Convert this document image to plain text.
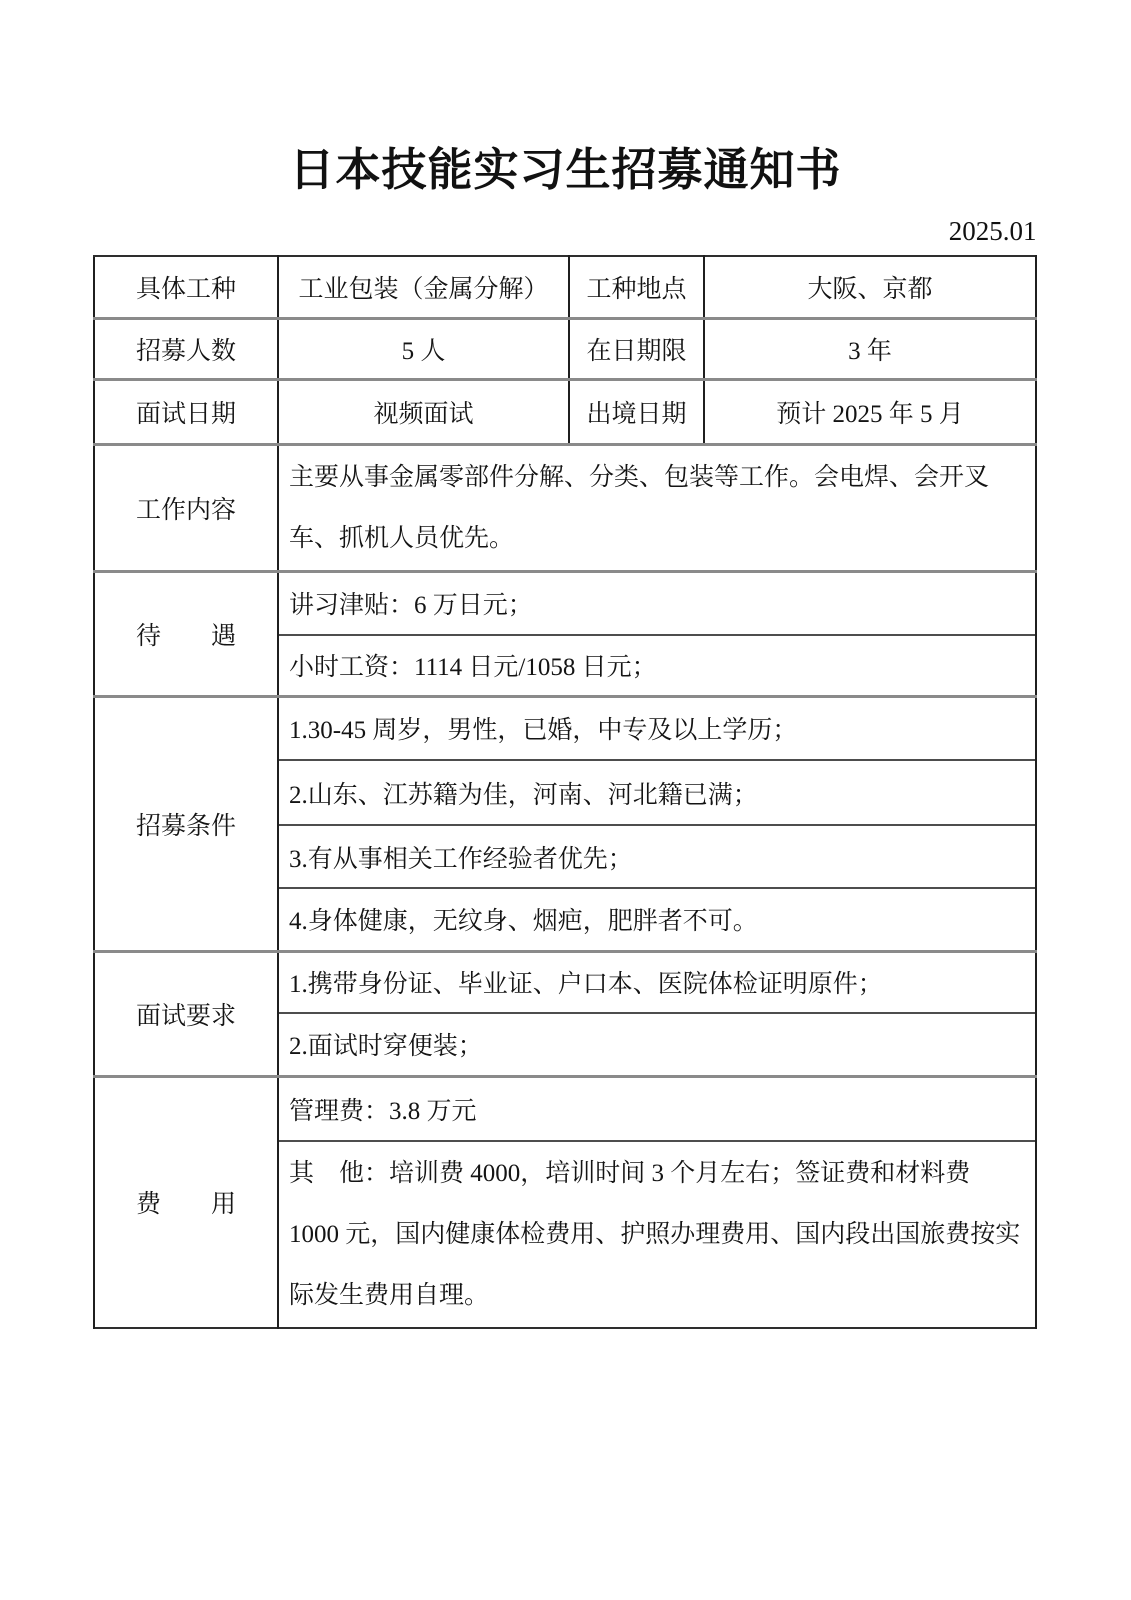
日本技能实习生招募通知书
2025.01
具体工种	工业包装（金属分解）	工种地点	大阪、京都
招募人数	5 人	在日期限	3 年
面试日期	视频面试	出境日期	预计 2025 年 5 月
工作内容	主要从事金属零部件分解、分类、包装等工作。会电焊、会开叉车、抓机人员优先。		
待　　遇	讲习津贴：6 万日元；		
	小时工资：1114 日元/1058 日元；		
招募条件	1.30-45 周岁，男性，已婚，中专及以上学历；		
	2.山东、江苏籍为佳，河南、河北籍已满；		
	3.有从事相关工作经验者优先；		
	4.身体健康，无纹身、烟疤，肥胖者不可。		
面试要求	1.携带身份证、毕业证、户口本、医院体检证明原件；		
	2.面试时穿便装；		
费　　用	管理费：3.8 万元		
	其　他：培训费 4000，培训时间 3 个月左右；签证费和材料费 1000 元，国内健康体检费用、护照办理费用、国内段出国旅费按实际发生费用自理。		
